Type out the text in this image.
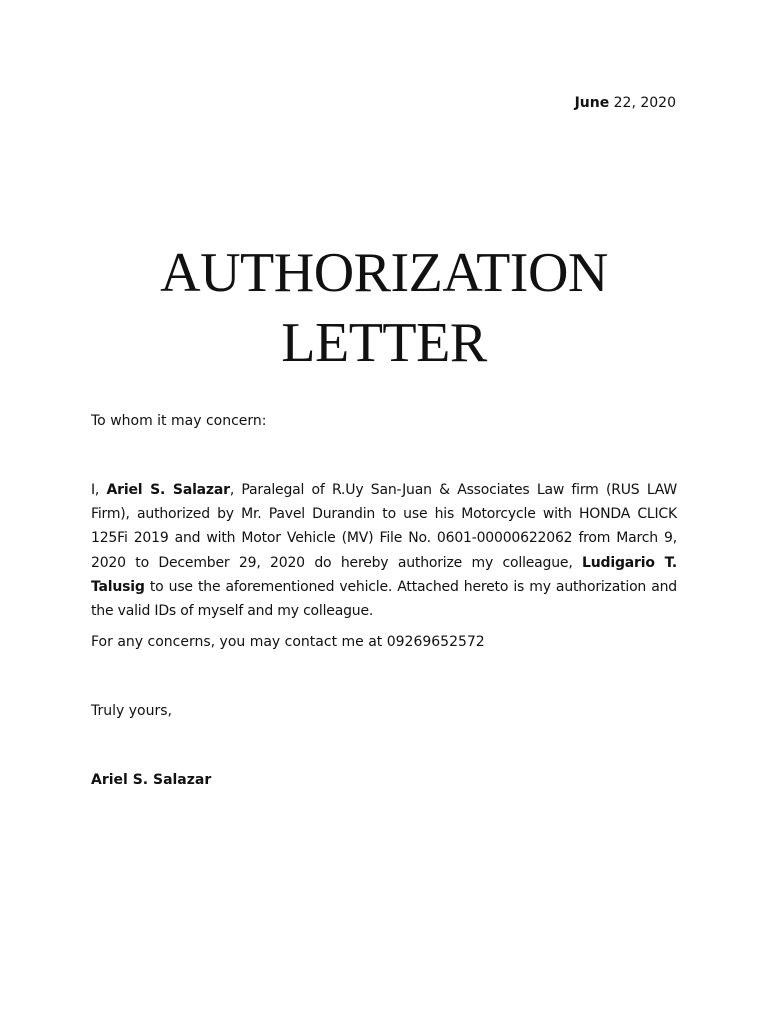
June 22, 2020
AUTHORIZATION
LETTER
To whom it may concern:
I, Ariel S. Salazar, Paralegal of R.Uy San-Juan & Associates Law firm (RUS LAW Firm), authorized by Mr. Pavel Durandin to use his Motorcycle with HONDA CLICK 125Fi 2019 and with Motor Vehicle (MV) File No. 0601-00000622062 from March 9, 2020 to December 29, 2020 do hereby authorize my colleague, Ludigario T. Talusig to use the aforementioned vehicle. Attached hereto is my authorization and the valid IDs of myself and my colleague.
For any concerns, you may contact me at 09269652572
Truly yours,
Ariel S. Salazar
